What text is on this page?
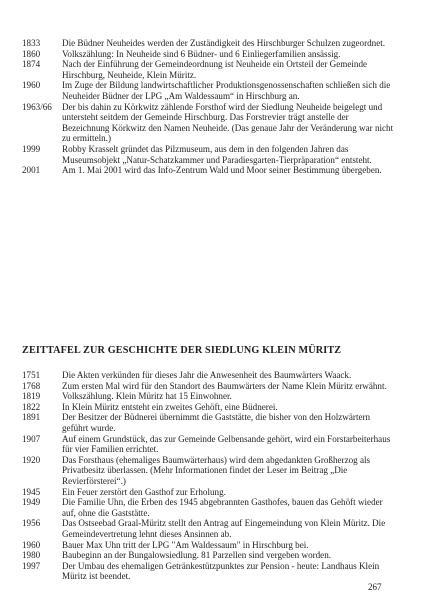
1833	Die Büdner Neuheides werden der Zuständigkeit des Hirschburger Schulzen zugeordnet.
1860	Volkszählung: In Neuheide sind 6 Büdner- und 6 Einliegerfamilien ansässig.
1874	Nach der Einführung der Gemeindeordnung ist Neuheide ein Ortsteil der Gemeinde Hirschburg, Neuheide, Klein Müritz.
1960	Im Zuge der Bildung landwirtschaftlicher Produktionsgenossenschaften schließen sich die Neuheider Büdner der LPG „Am Waldessaum“ in Hirschburg an.
1963/66	Der bis dahin zu Körkwitz zählende Forsthof wird der Siedlung Neuheide beigelegt und untersteht seitdem der Gemeinde Hirschburg. Das Forstrevier trägt anstelle der Bezeichnung Körkwitz den Namen Neuheide. (Das genaue Jahr der Veränderung war nicht zu ermitteln.)
1999	Robby Krasselt gründet das Pilzmuseum, aus dem in den folgenden Jahren das Museumsobjekt „Natur-Schatzkammer und Paradiesgarten-Tierpräparation“ entsteht.
2001	Am 1. Mai 2001 wird das Info-Zentrum Wald und Moor seiner Bestimmung übergeben.
ZEITTAFEL ZUR GESCHICHTE DER SIEDLUNG KLEIN MÜRITZ
1751	Die Akten verkünden für dieses Jahr die Anwesenheit des Baumwärters Waack.
1768	Zum ersten Mal wird für den Standort des Baumwärters der Name Klein Müritz erwähnt.
1819	Volkszählung. Klein Müritz hat 15 Einwohner.
1822	In Klein Müritz entsteht ein zweites Gehöft, eine Büdnerei.
1891	Der Besitzer der Büdnerei übernimmt die Gaststätte, die bisher von den Holzwärtern geführt wurde.
1907	Auf einem Grundstück, das zur Gemeinde Gelbensande gehört, wird ein Forstarbeiterhaus für vier Familien errichtet.
1920	Das Forsthaus (ehemaliges Baumwärterhaus) wird dem abgedankten Großherzog als Privatbesitz überlassen. (Mehr Informationen findet der Leser im Beitrag „Die Revierförsterei“.)
1945	Ein Feuer zerstört den Gasthof zur Erholung.
1949	Die Familie Uhn, die Erben des 1945 abgebrannten Gasthofes, bauen das Gehöft wieder auf, ohne die Gaststätte.
1956	Das Ostseebad Graal-Müritz stellt den Antrag auf Eingemeindung von Klein Müritz. Die Gemeindevertretung lehnt dieses Ansinnen ab.
1960	Bauer Max Uhn tritt der LPG "Am Waldessaum" in Hirschburg bei.
1980	Baubeginn an der Bungalowsiedlung. 81 Parzellen sind vergeben worden.
1997	Der Umbau des ehemaligen Getränkestützpunktes zur Pension - heute: Landhaus Klein Müritz ist beendet.
267
